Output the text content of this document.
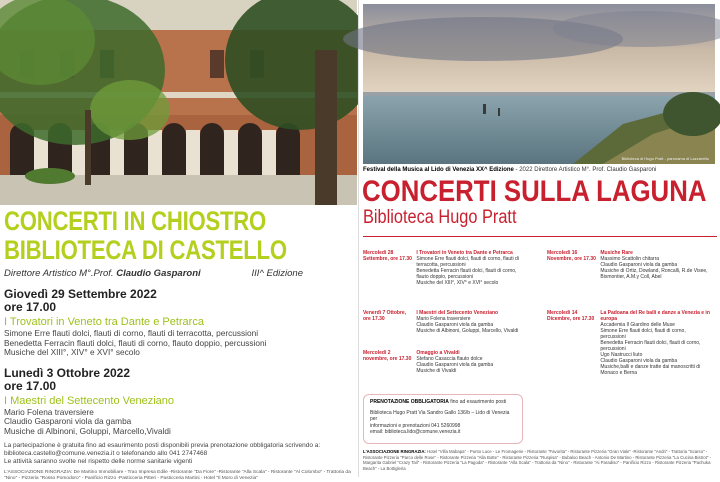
CONCERTI IN CHIOSTRO
BIBLIOTECA DI CASTELLO
Direttore Artistico M°.Prof. Claudio Gasparoni	III^ Edizione
Giovedì 29 Settembre 2022
ore 17.00
I Trovatori in Veneto tra Dante e Petrarca
Simone Erre flauti dolci, flauti di corno, flauti di terracotta, percussioni
Benedetta Ferracin flauti dolci, flauti di corno, flauto doppio, percussioni
Musiche del XIII°, XIV° e XVI° secolo
Lunedì 3 Ottobre 2022
ore 17.00
I Maestri del Settecento Veneziano
Mario Folena traversiere
Claudio Gasparoni viola da gamba
Musiche di Albinoni, Goluppi, Marcello,Vivaldi
La partecipazione è gratuita fino ad esaurimento posti disponibili previa prenotazione obbligatoria scrivendo a:
biblioteca.castello@comune.venezia.it o telefonando allo 041 2747468
Le attività saranno svolte nel rispetto delle norme sanitarie vigenti
L'ASSOCIAZIONE RINGRAZIA: De Martino Immobiliare - Trao Impresa Edile -Ristorante "Da Fiore" -Ristorante "Alla Scala" - Ristorante "Al Colombo" - Trattoria da "Nino" - Pizzeria "Rosso Pomodoro" - Panificio Rizzo -Pasticceria Pitteri - Pasticceria Martini - Hotel "Il Moro di Venezia"
Biblioteca di Hugo Pratt - panorama di Lazzaretto
Festival della Musica al Lido di Venezia XX^ Edizione - 2022 Direttore Artistico M°. Prof. Claudio Gasparoni
CONCERTI SULLA LAGUNA
Biblioteca Hugo Pratt
Mercoledì 28 Settembre, ore 17.30
I Trovatori in Veneto tra Dante e Petrarca
Simone Erre flauti dolci, flauti di corno, flauti di terracotta, percussioni
Benedetta Ferracin flauti dolci, flauti di corno, flauto doppio, percussioni
Musiche del XIII°, XIV° e XVI° secolo
Mercoledì 16 Novembre, ore 17.30
Musiche Rare
Massimo Scattolin chitarra
Claudio Gasparoni viola da gamba
Musiche di Ortiz, Dowland, Roncalli, R.de Visee, Bixmontier, A.M.y Coll, Abel
Venerdì 7 Ottobre, ore 17.30
I Maestri del Settecento Veneziano
Mario Folena traversiere
Claudio Gasparoni viola da gamba
Musiche di Albinoni, Goluppi, Marcello, Vivaldi
Mercoledì 14 Dicembre, ore 17.30
La Padoana del Re balli e danze a Venezia e in europa
Accademia Il Giardino delle Muse
Simone Erre flauti dolci, flauti di corno, percussioni
Benedetta Ferracin flauti dolci, flauti di corno, percussioni
Ugo Nastrucci liuto
Claudio Gasparoni viola da gamba
Musiche,balli e danze tratte dai manoscritti di Monaco e Berna
Mercoledì 2 novembre, ore 17.30
Omaggio a Vivaldi
Stefano Casaccia flauto dolce
Claudio Gasparoni viola da gamba
Musiche di Vivaldi
PRENOTAZIONE OBBLIGATORIA fino ad esaurimento posti
Biblioteca Hugo Pratt Via Sandro Gallo 136/b – Lido di Venezia per
informazioni e prenotazioni 041 5260998
email: biblioteca.lido@comune.venezia.it
L'ASSOCIAZIONE RINGRAZIA: Hotel "Villa Mabapa" - Punto Luce - Le Fromagerie - Ristorante "Favorita" - Ristorante Pizzeria "Gran Viale" -Ristorante "Andri" - Trattoria "Scarso" - Ristorante Pizzeria "Parco delle Rose" - Ristorante Pizzeria "Alla Botte" - Ristorante Pizzeria "Ruspisa" - Bubaloo Beach - Antonio De Martino - Ristorante Pizzeria "La Cucina Bistrot" - Margarita Gabriel "Crazy Tail" - Ristorante Pizzeria "La Pagoda" - Ristorante "Alla Scala" - Trattoria da "Nino" - Ristorante "Ai Paradiso" - Panificio Rizzo - Ristorante Pizzeria "Pachuka Beach" - La Bottigleria
